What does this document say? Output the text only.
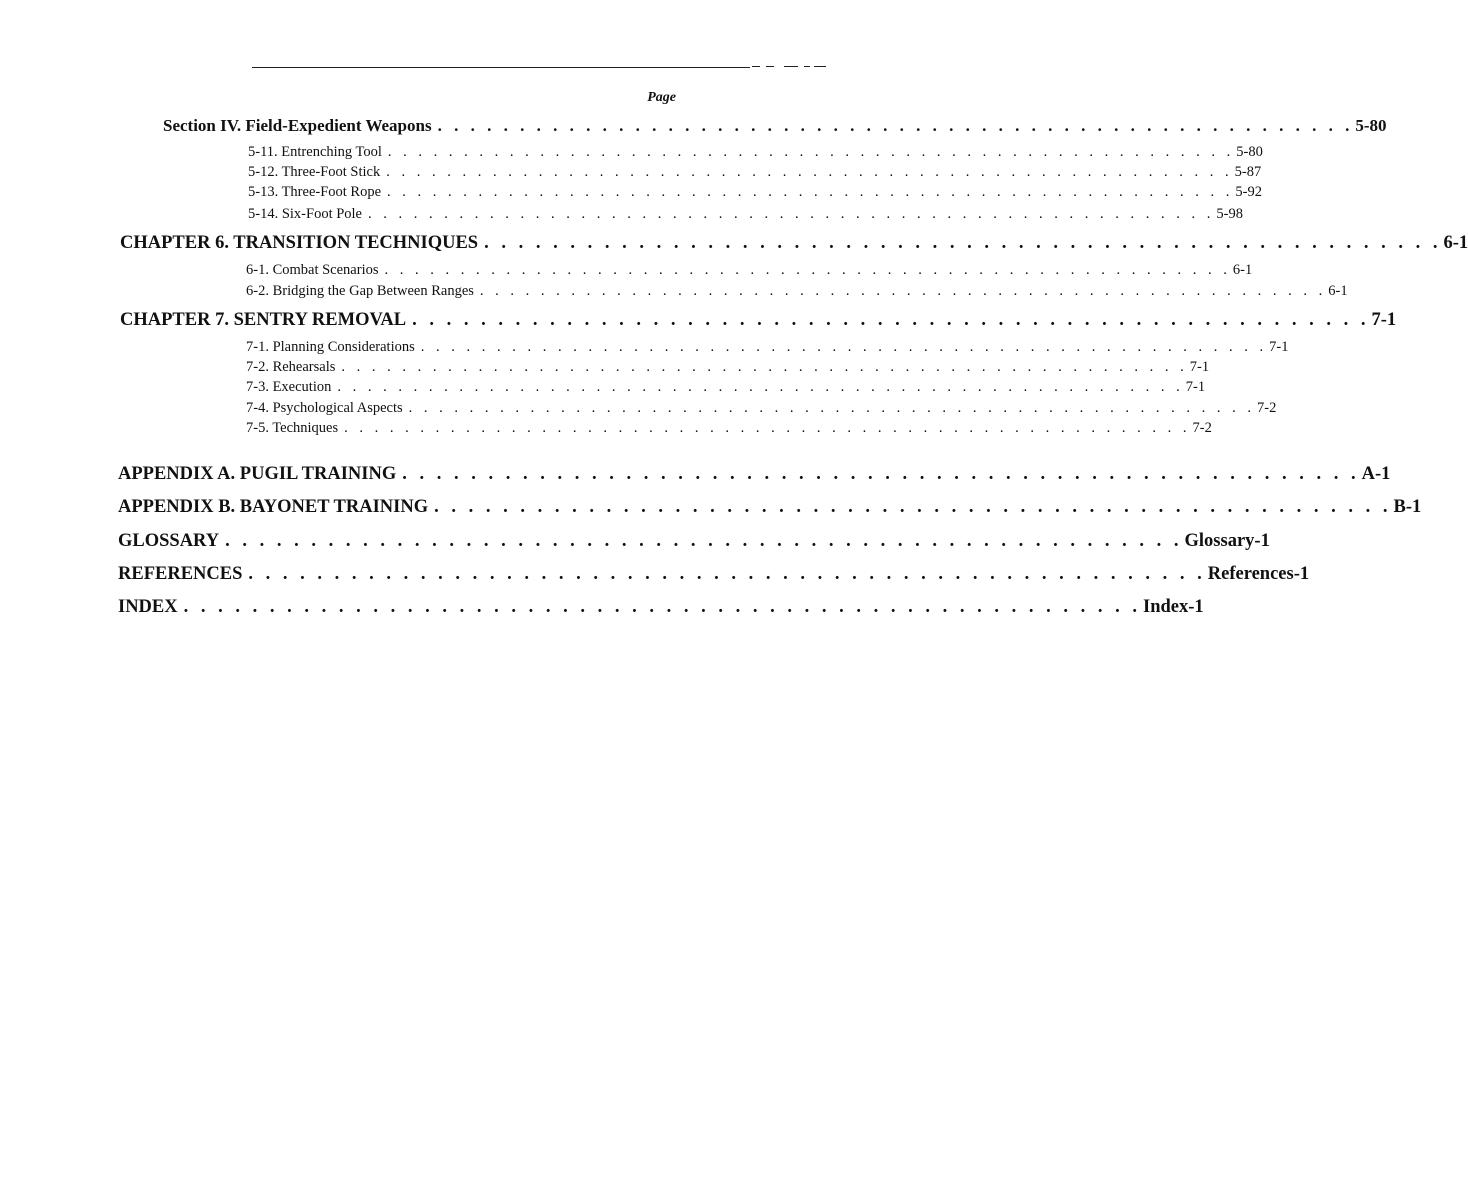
Page
Section IV. Field-Expedient Weapons . . . . . . . . . . . . . . . . . . . . . . . . . . . . . . . . . . . . . . . . . . . . . . . . . . . . . . . . 5-80
5-11. Entrenching Tool . . . . . . . . . . . . . . . . . . . . . . . . . . . . . . . . . . . . . . . . . . . . . . . . . . . . . . . . 5-80
5-12. Three-Foot Stick . . . . . . . . . . . . . . . . . . . . . . . . . . . . . . . . . . . . . . . . . . . . . . . . . . . . . . . . 5-87
5-13. Three-Foot Rope . . . . . . . . . . . . . . . . . . . . . . . . . . . . . . . . . . . . . . . . . . . . . . . . . . . . . . . . 5-92
5-14. Six-Foot Pole . . . . . . . . . . . . . . . . . . . . . . . . . . . . . . . . . . . . . . . . . . . . . . . . . . . . . . . . 5-98
CHAPTER 6. TRANSITION TECHNIQUES . . . . . . . . . . . . . . . . . . . . . . . . . . . . . . . . . . . . . . . . . . . . . . . . . . . . . . . . 6-1
6-1. Combat Scenarios . . . . . . . . . . . . . . . . . . . . . . . . . . . . . . . . . . . . . . . . . . . . . . . . . . . . . . . . 6-1
6-2. Bridging the Gap Between Ranges . . . . . . . . . . . . . . . . . . . . . . . . . . . . . . . . . . . . . . . . . . . . . . . . . . . . . . . . 6-1
CHAPTER 7. SENTRY REMOVAL . . . . . . . . . . . . . . . . . . . . . . . . . . . . . . . . . . . . . . . . . . . . . . . . . . . . . . . . 7-1
7-1. Planning Considerations . . . . . . . . . . . . . . . . . . . . . . . . . . . . . . . . . . . . . . . . . . . . . . . . . . . . . . . . 7-1
7-2. Rehearsals . . . . . . . . . . . . . . . . . . . . . . . . . . . . . . . . . . . . . . . . . . . . . . . . . . . . . . . . 7-1
7-3. Execution . . . . . . . . . . . . . . . . . . . . . . . . . . . . . . . . . . . . . . . . . . . . . . . . . . . . . . . . 7-1
7-4. Psychological Aspects . . . . . . . . . . . . . . . . . . . . . . . . . . . . . . . . . . . . . . . . . . . . . . . . . . . . . . . . 7-2
7-5. Techniques . . . . . . . . . . . . . . . . . . . . . . . . . . . . . . . . . . . . . . . . . . . . . . . . . . . . . . . . 7-2
APPENDIX A. PUGIL TRAINING . . . . . . . . . . . . . . . . . . . . . . . . . . . . . . . . . . . . . . . . . . . . . . . . . . . . . . . . A-1
APPENDIX B. BAYONET TRAINING . . . . . . . . . . . . . . . . . . . . . . . . . . . . . . . . . . . . . . . . . . . . . . . . . . . . . . . . B-1
GLOSSARY . . . . . . . . . . . . . . . . . . . . . . . . . . . . . . . . . . . . . . . . . . . . . . . . . . . . . . . . Glossary-1
REFERENCES . . . . . . . . . . . . . . . . . . . . . . . . . . . . . . . . . . . . . . . . . . . . . . . . . . . . . . . . References-1
INDEX . . . . . . . . . . . . . . . . . . . . . . . . . . . . . . . . . . . . . . . . . . . . . . . . . . . . . . . . Index-1
